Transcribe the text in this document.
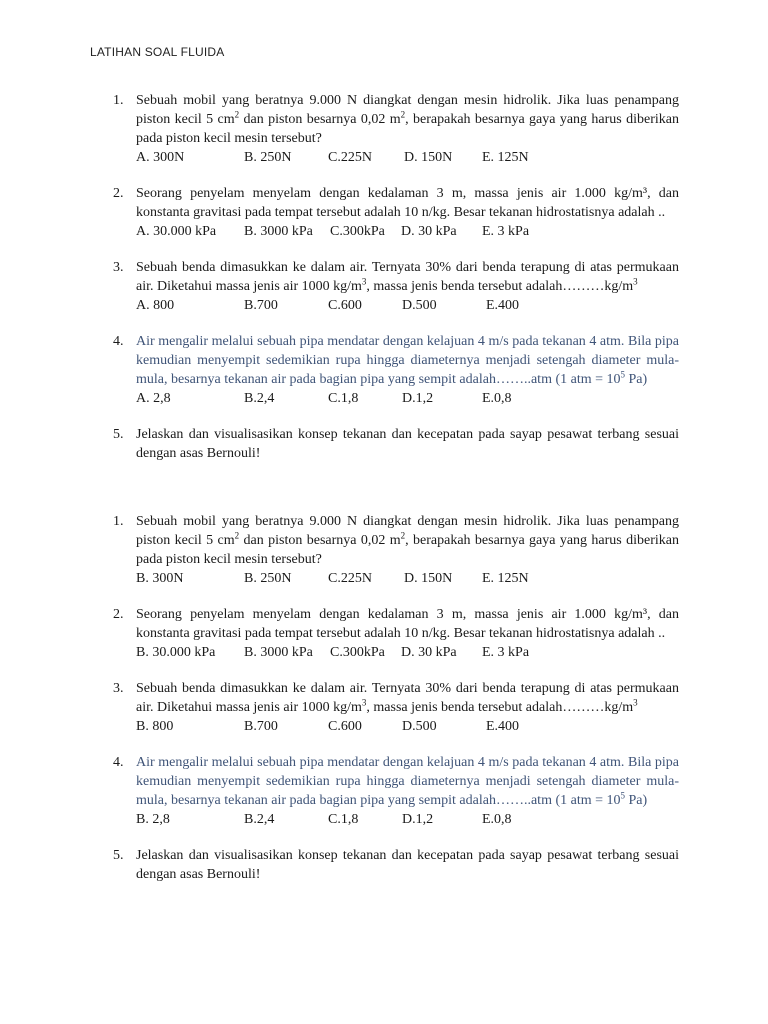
LATIHAN SOAL FLUIDA
1. Sebuah mobil yang beratnya 9.000 N diangkat dengan mesin hidrolik. Jika luas penampang piston kecil 5 $cm^2$ dan piston besarnya 0,02 $m^2$, berapakah besarnya gaya yang harus diberikan pada piston kecil mesin tersebut?
A. 300N	B. 250N	C.225N D. 150N E. 125N
2. Seorang penyelam menyelam dengan kedalaman 3 m, massa jenis air 1.000 kg/m³, dan konstanta gravitasi pada tempat tersebut adalah 10 n/kg. Besar tekanan hidrostatisnya adalah ..
A. 30.000 kPa B. 3000 kPa C.300kPa D. 30 kPa E. 3 kPa
3. Sebuah benda dimasukkan ke dalam air. Ternyata 30% dari benda terapung di atas permukaan air. Diketahui massa jenis air 1000 $kg/m^3$, massa jenis benda tersebut $adalah\dots\dots\dots kg/m^3$
A. 800	B.700	C.600	D.500	E.400
4. Air mengalir melalui sebuah pipa mendatar dengan kelajuan 4 m/s pada tekanan 4 atm. Bila pipa kemudian menyempit sedemikian rupa hingga diameternya menjadi setengah diameter mula-mula, besarnya tekanan air pada bagian pipa yang sempit adalah……..atm (1 atm = $10^5$ Pa)
A. 2,8	B.2,4	C.1,8	D.1,2	E.0,8
5. Jelaskan dan visualisasikan konsep tekanan dan kecepatan pada sayap pesawat terbang sesuai dengan asas Bernouli!
1. Sebuah mobil yang beratnya 9.000 N diangkat dengan mesin hidrolik. Jika luas penampang piston kecil 5 $cm^2$ dan piston besarnya 0,02 $m^2$, berapakah besarnya gaya yang harus diberikan pada piston kecil mesin tersebut?
B. 300N	B. 250N	C.225N D. 150N E. 125N
2. Seorang penyelam menyelam dengan kedalaman 3 m, massa jenis air 1.000 kg/m³, dan konstanta gravitasi pada tempat tersebut adalah 10 n/kg. Besar tekanan hidrostatisnya adalah ..
B. 30.000 kPa B. 3000 kPa C.300kPa D. 30 kPa E. 3 kPa
3. Sebuah benda dimasukkan ke dalam air. Ternyata 30% dari benda terapung di atas permukaan air. Diketahui massa jenis air 1000 $kg/m^3$, massa jenis benda tersebut $adalah\dots\dots\dots kg/m^3$
B. 800	B.700	C.600	D.500	E.400
4. Air mengalir melalui sebuah pipa mendatar dengan kelajuan 4 m/s pada tekanan 4 atm. Bila pipa kemudian menyempit sedemikian rupa hingga diameternya menjadi setengah diameter mula-mula, besarnya tekanan air pada bagian pipa yang sempit adalah……..atm (1 atm = $10^5$ Pa)
B. 2,8	B.2,4	C.1,8	D.1,2	E.0,8
5. Jelaskan dan visualisasikan konsep tekanan dan kecepatan pada sayap pesawat terbang sesuai dengan asas Bernouli!
